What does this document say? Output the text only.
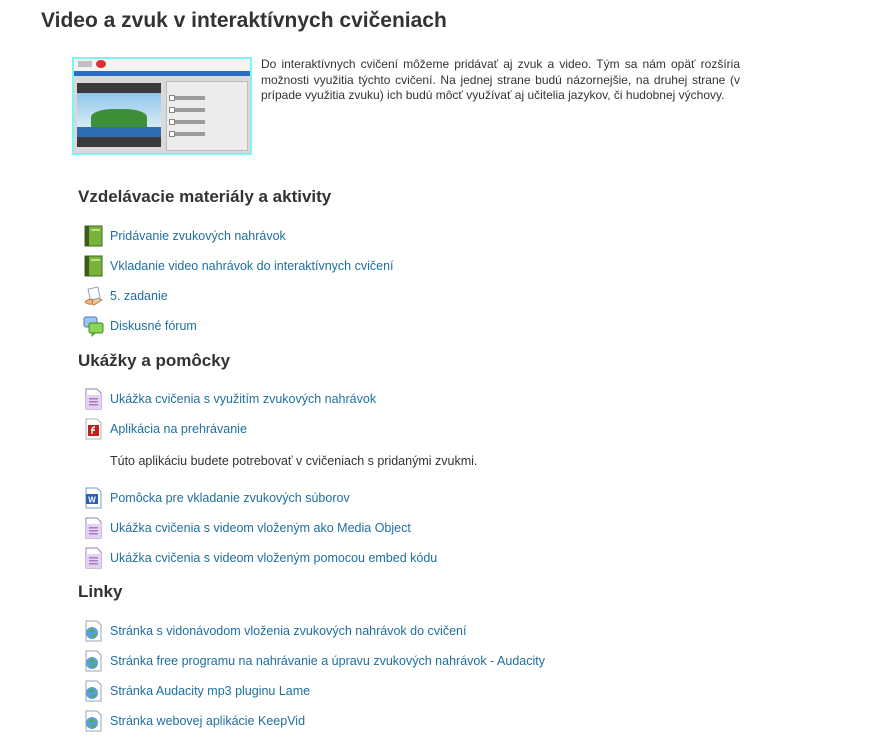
Video a zvuk v interaktívnych cvičeniach

Do interaktívnych cvičení môžeme pridávať aj zvuk a video. Tým sa nám opäť rozšíria možnosti využitia týchto cvičení. Na jednej strane budú názornejšie, na druhej strane (v prípade využitia zvuku) ich budú môcť využívať aj učitelia jazykov, či hudobnej výchovy.

Vzdelávacie materiály a aktivity
Pridávanie zvukových nahrávok
Vkladanie video nahrávok do interaktívnych cvičení
5. zadanie
Diskusné fórum
Ukážky a pomôcky
Ukážka cvičenia s využitím zvukových nahrávok
Aplikácia na prehrávanie

Túto aplikáciu budete potrebovať v cvičeniach s pridanými zvukmi.

W Pomôcka pre vkladanie zvukových súborov
Ukážka cvičenia s videom vloženým ako Media Object
Ukážka cvičenia s videom vloženým pomocou embed kódu
Linky
Stránka s vidonávodom vloženia zvukových nahrávok do cvičení
Stránka free programu na nahrávanie a úpravu zvukových nahrávok - Audacity
Stránka Audacity mp3 pluginu Lame
Stránka webovej aplikácie KeepVid
